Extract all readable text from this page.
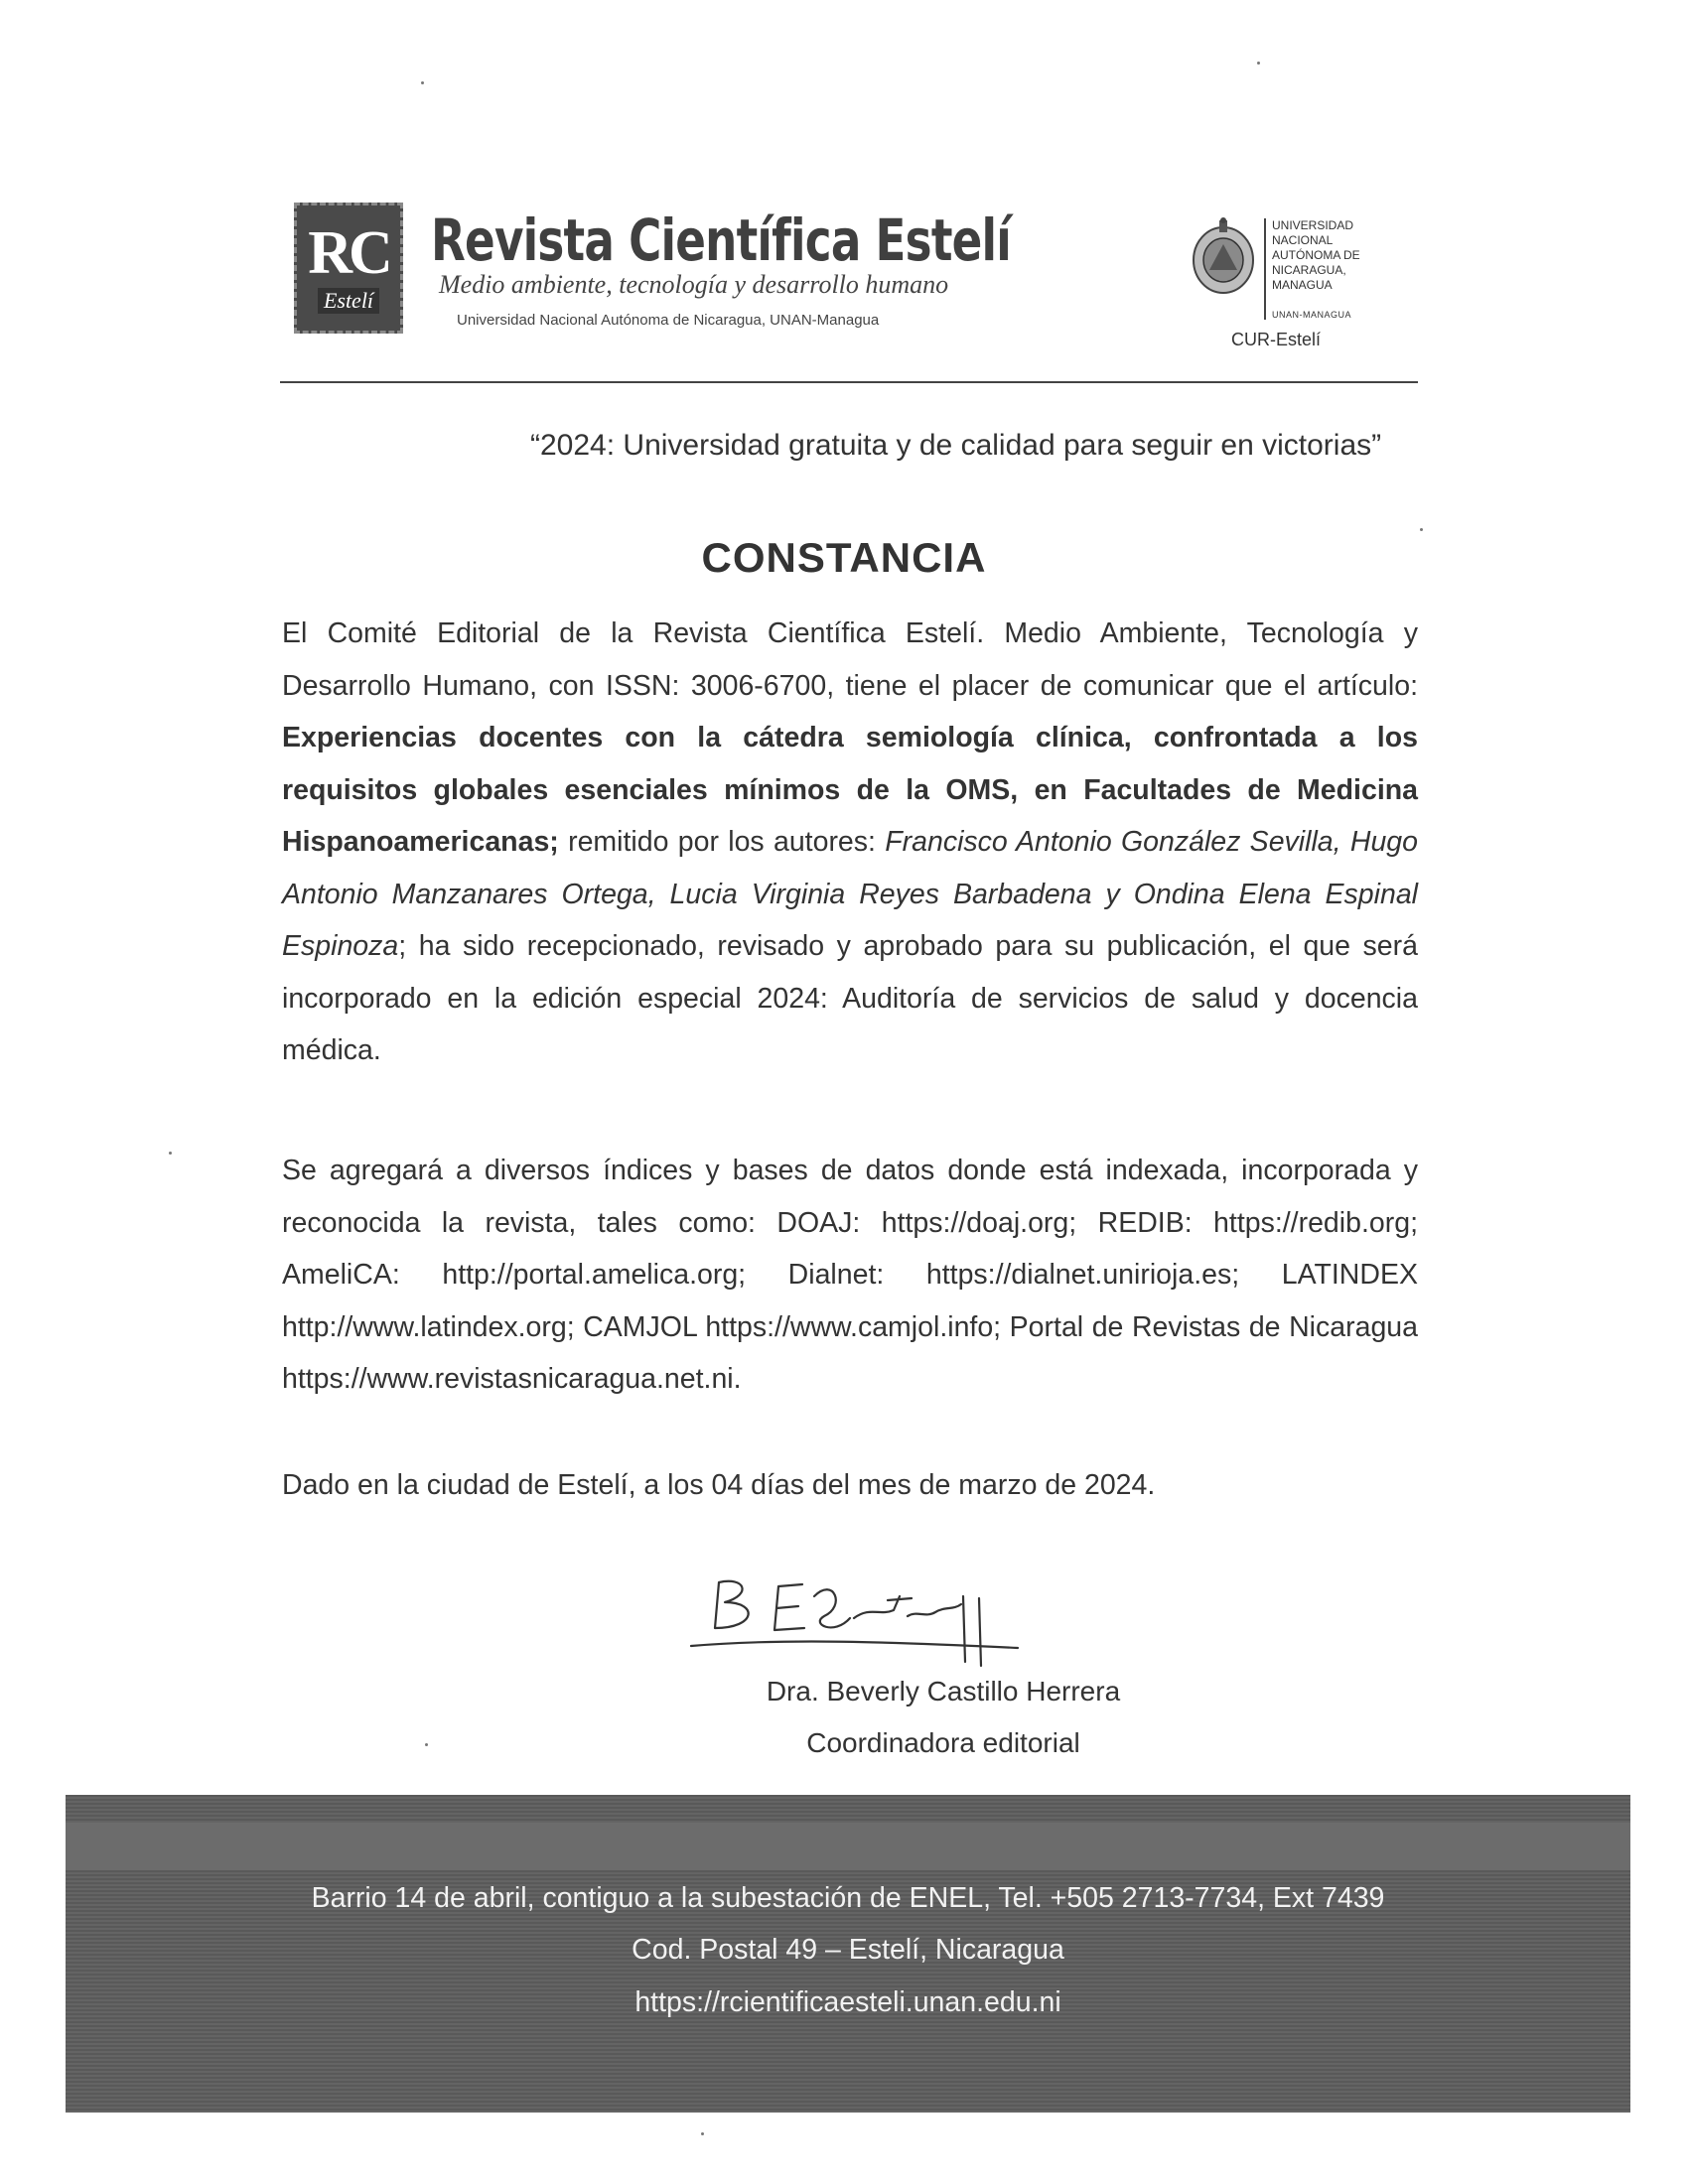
RC
Estelí
Revista Científica Estelí
Medio ambiente, tecnología y desarrollo humano
Universidad Nacional Autónoma de Nicaragua, UNAN-Managua
UNIVERSIDAD
NACIONAL
AUTÓNOMA DE
NICARAGUA,
MANAGUA
UNAN-MANAGUA
CUR-Estelí
“2024: Universidad gratuita y de calidad para seguir en victorias”
CONSTANCIA
El Comité Editorial de la Revista Científica Estelí. Medio Ambiente, Tecnología y Desarrollo Humano, con ISSN: 3006-6700, tiene el placer de comunicar que el artículo: Experiencias docentes con la cátedra semiología clínica, confrontada a los requisitos globales esenciales mínimos de la OMS, en Facultades de Medicina Hispanoamericanas; remitido por los autores: Francisco Antonio González Sevilla, Hugo Antonio Manzanares Ortega, Lucia Virginia Reyes Barbadena y Ondina Elena Espinal Espinoza; ha sido recepcionado, revisado y aprobado para su publicación, el que será incorporado en la edición especial 2024: Auditoría de servicios de salud y docencia médica.
Se agregará a diversos índices y bases de datos donde está indexada, incorporada y reconocida la revista, tales como: DOAJ: https://doaj.org; REDIB: https://redib.org; AmeliCA: http://portal.amelica.org; Dialnet: https://dialnet.unirioja.es; LATINDEX http://www.latindex.org; CAMJOL https://www.camjol.info; Portal de Revistas de Nicaragua https://www.revistasnicaragua.net.ni.
Dado en la ciudad de Estelí, a los 04 días del mes de marzo de 2024.
Dra. Beverly Castillo Herrera
Coordinadora editorial
Barrio 14 de abril, contiguo a la subestación de ENEL, Tel. +505 2713-7734, Ext 7439
Cod. Postal 49 – Estelí, Nicaragua
https://rcientificaesteli.unan.edu.ni
